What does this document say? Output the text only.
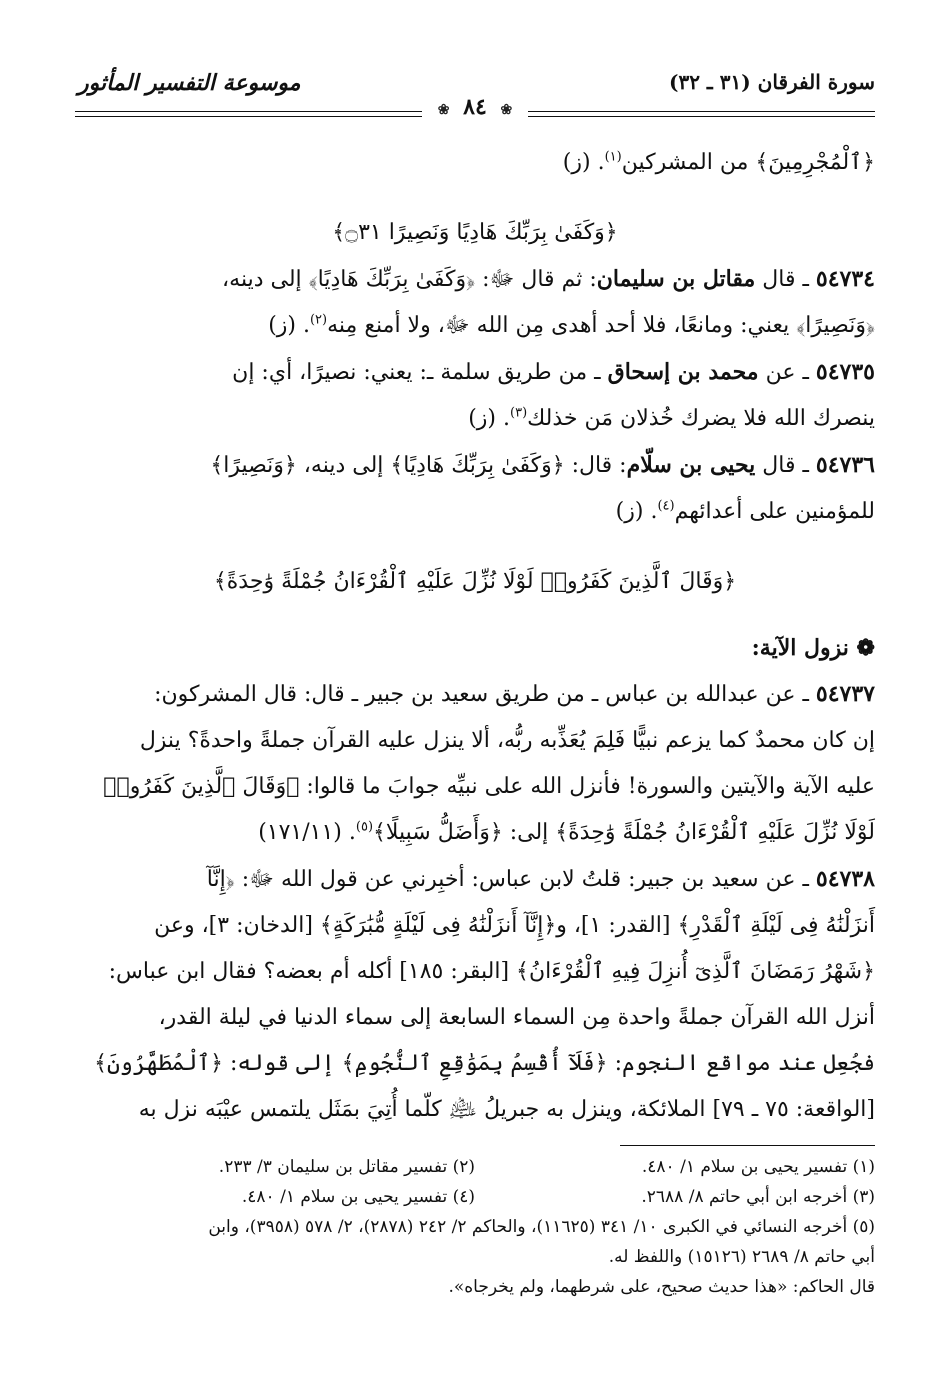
سورة الفرقان (٣١ ـ ٣٢)
موسوعة التفسير المأثور
❀ ٨٤ ❀
﴿ٱلْمُجْرِمِينَ﴾ من المشركين$^{(١)}$. (ز)
﴿وَكَفَىٰ بِرَبِّكَ هَادِيًا وَنَصِيرًا ۝٣١﴾
٥٤٧٣٤ ـ قال مقاتل بن سليمان: ثم قال ﷻ: ﴿وَكَفَىٰ بِرَبِّكَ هَادِيًا﴾ إلى دينه،
﴿وَنَصِيرًا﴾ يعني: ومانعًا، فلا أحد أهدى مِن الله ﷻ، ولا أمنع مِنه$^{(٢)}$. (ز)
٥٤٧٣٥ ـ عن محمد بن إسحاق ـ من طريق سلمة ـ: يعني: نصيرًا، أي: إن
ينصرك الله فلا يضرك خُذلان مَن خذلك$^{(٣)}$. (ز)
٥٤٧٣٦ ـ قال يحيى بن سلّام: قال: ﴿وَكَفَىٰ بِرَبِّكَ هَادِيًا﴾ إلى دينه، ﴿وَنَصِيرًا﴾
للمؤمنين على أعدائهم$^{(٤)}$. (ز)
﴿وَقَالَ ٱلَّذِينَ كَفَرُوا۟ لَوْلَا نُزِّلَ عَلَيْهِ ٱلْقُرْءَانُ جُمْلَةً وَٰحِدَةً﴾
❁ نزول الآية:
٥٤٧٣٧ ـ عن عبدالله بن عباس ـ من طريق سعيد بن جبير ـ قال: قال المشركون:
إن كان محمدٌ كما يزعم نبيًّا فَلِمَ يُعَذِّبه ربُّه، ألا ينزل عليه القرآن جملةً واحدةً؟ ينزل
عليه الآية والآيتين والسورة! فأنزل الله على نبيِّه جوابَ ما قالوا: ﴿وَقَالَ ٱلَّذِينَ كَفَرُوا۟
لَوْلَا نُزِّلَ عَلَيْهِ ٱلْقُرْءَانُ جُمْلَةً وَٰحِدَةً﴾ إلى: ﴿وَأَضَلُّ سَبِيلًا﴾$^{(٥)}$. (١٧١/١١)
٥٤٧٣٨ ـ عن سعيد بن جبير: قلتُ لابن عباس: أخبِرني عن قول الله ﷻ: ﴿إِنَّآ
أَنزَلْنَٰهُ فِى لَيْلَةِ ٱلْقَدْرِ﴾ [القدر: ١]، و﴿إِنَّآ أَنزَلْنَٰهُ فِى لَيْلَةٍ مُّبَٰرَكَةٍ﴾ [الدخان: ٣]، وعن
﴿شَهْرُ رَمَضَانَ ٱلَّذِىٓ أُنزِلَ فِيهِ ٱلْقُرْءَانُ﴾ [البقر: ١٨٥] أكله أم بعضه؟ فقال ابن عباس:
أنزل الله القرآن جملةً واحدة مِن السماء السابعة إلى سماء الدنيا في ليلة القدر،
فجُعِل عند مواقع النجوم: ﴿فَلَآ أُقْسِمُ بِمَوَٰقِعِ ٱلنُّجُومِ﴾ إلى قوله: ﴿ٱلْمُطَهَّرُونَ﴾
[الواقعة: ٧٥ ـ ٧٩] الملائكة، وينزل به جبريلُ ﵇ كلّما أُتِيَ بمَثَل يلتمس عيْبَه نزل به
(١) تفسير يحيى بن سلام ١/ ٤٨٠.
(٢) تفسير مقاتل بن سليمان ٣/ ٢٣٣.
(٣) أخرجه ابن أبي حاتم ٨/ ٢٦٨٨.
(٤) تفسير يحيى بن سلام ١/ ٤٨٠.
(٥) أخرجه النسائي في الكبرى ١٠/ ٣٤١ (١١٦٢٥)، والحاكم ٢/ ٢٤٢ (٢٨٧٨)، ٢/ ٥٧٨ (٣٩٥٨)، وابن
أبي حاتم ٨/ ٢٦٨٩ (١٥١٢٦) واللفظ له.
قال الحاكم: «هذا حديث صحيح، على شرطهما، ولم يخرجاه».
